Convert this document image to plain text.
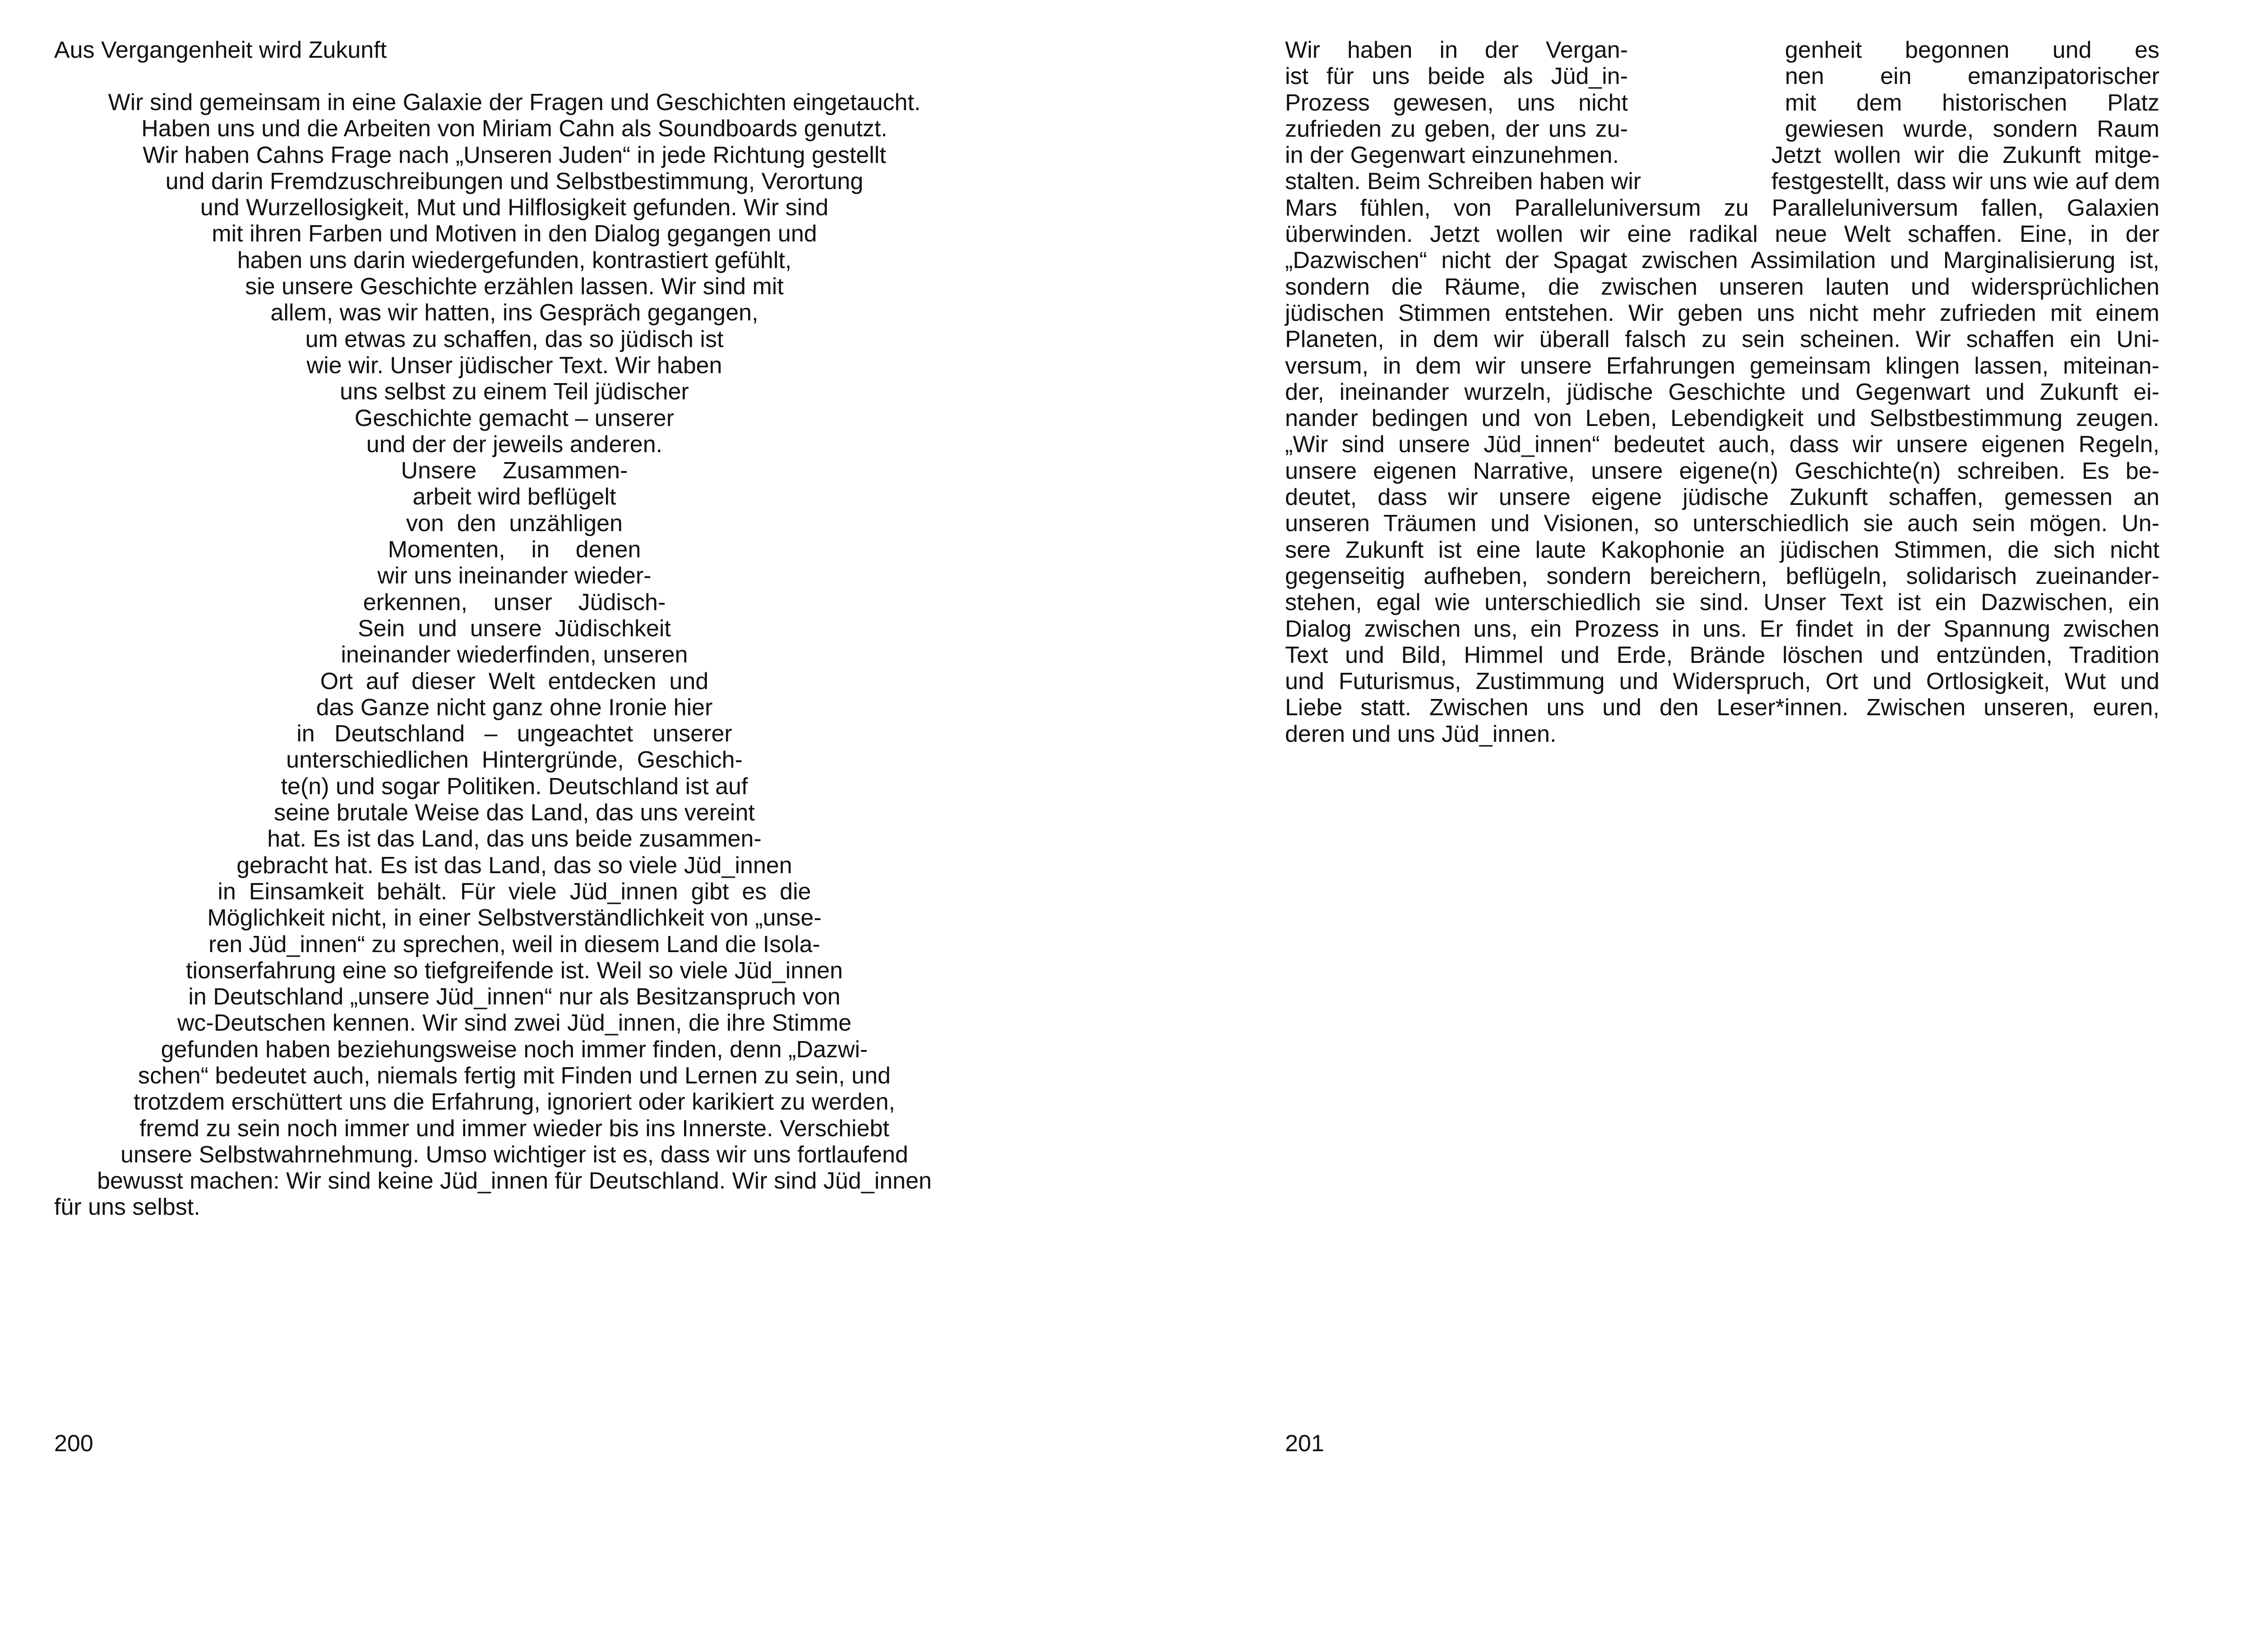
Aus Vergangenheit wird Zukunft
Wir sind gemeinsam in eine Galaxie der Fragen und Geschichten eingetaucht.
Haben uns und die Arbeiten von Miriam Cahn als Soundboards genutzt.
Wir haben Cahns Frage nach „Unseren Juden“ in jede Richtung gestellt
und darin Fremdzuschreibungen und Selbstbestimmung, Verortung
und Wurzellosigkeit, Mut und Hilflosigkeit gefunden. Wir sind
mit ihren Farben und Motiven in den Dialog gegangen und
haben uns darin wiedergefunden, kontrastiert gefühlt,
sie unsere Geschichte erzählen lassen. Wir sind mit
allem, was wir hatten, ins Gespräch gegangen,
um etwas zu schaffen, das so jüdisch ist
wie wir. Unser jüdischer Text. Wir haben
uns selbst zu einem Teil jüdischer
Geschichte gemacht – unserer
und der der jeweils anderen.
Unsere    Zusammen-
arbeit wird beflügelt
von  den  unzähligen
Momenten,    in    denen
wir uns ineinander wieder-
erkennen,    unser    Jüdisch-
Sein  und  unsere  Jüdischkeit
ineinander wiederfinden, unseren
Ort  auf  dieser  Welt  entdecken  und
das Ganze nicht ganz ohne Ironie hier
in   Deutschland   –   ungeachtet   unserer
unterschiedlichen  Hintergründe,  Geschich-
te(n) und sogar Politiken. Deutschland ist auf
seine brutale Weise das Land, das uns vereint
hat. Es ist das Land, das uns beide zusammen-
gebracht hat. Es ist das Land, das so viele Jüd_innen
in  Einsamkeit  behält.  Für  viele  Jüd_innen  gibt  es  die
Möglichkeit nicht, in einer Selbstverständlichkeit von „unse-
ren Jüd_innen“ zu sprechen, weil in diesem Land die Isola-
tionserfahrung eine so tiefgreifende ist. Weil so viele Jüd_innen
in Deutschland „unsere Jüd_innen“ nur als Besitzanspruch von
wc-Deutschen kennen. Wir sind zwei Jüd_innen, die ihre Stimme
gefunden haben beziehungsweise noch immer finden, denn „Dazwi-
schen“ bedeutet auch, niemals fertig mit Finden und Lernen zu sein, und
trotzdem erschüttert uns die Erfahrung, ignoriert oder karikiert zu werden,
fremd zu sein noch immer und immer wieder bis ins Innerste. Verschiebt
unsere Selbstwahrnehmung. Umso wichtiger ist es, dass wir uns fortlaufend
bewusst machen: Wir sind keine Jüd_innen für Deutschland. Wir sind Jüd_innen
für uns selbst.
200
Wir haben in der Vergan-	genheit begonnen und es
ist für uns beide als Jüd_in-	nen ein emanzipatorischer
Prozess gewesen, uns nicht	mit dem historischen Platz
zufrieden zu geben, der uns zu-	gewiesen wurde, sondern Raum
in der Gegenwart einzunehmen.	Jetzt wollen wir die Zukunft mitge-
stalten. Beim Schreiben haben wir	festgestellt, dass wir uns wie auf dem
Mars fühlen, von Paralleluniversum zu Paralleluniversum fallen, Galaxien
überwinden. Jetzt wollen wir eine radikal neue Welt schaffen. Eine, in der
„Dazwischen“ nicht der Spagat zwischen Assimilation und Marginalisierung ist,
sondern die Räume, die zwischen unseren lauten und widersprüchlichen
jüdischen Stimmen entstehen. Wir geben uns nicht mehr zufrieden mit einem
Planeten, in dem wir überall falsch zu sein scheinen. Wir schaffen ein Uni-
versum, in dem wir unsere Erfahrungen gemeinsam klingen lassen, miteinan-
der, ineinander wurzeln, jüdische Geschichte und Gegenwart und Zukunft ei-
nander bedingen und von Leben, Lebendigkeit und Selbstbestimmung zeugen.
„Wir sind unsere Jüd_innen“ bedeutet auch, dass wir unsere eigenen Regeln,
unsere eigenen Narrative, unsere eigene(n) Geschichte(n) schreiben. Es be-
deutet, dass wir unsere eigene jüdische Zukunft schaffen, gemessen an
unseren Träumen und Visionen, so unterschiedlich sie auch sein mögen. Un-
sere Zukunft ist eine laute Kakophonie an jüdischen Stimmen, die sich nicht
gegenseitig aufheben, sondern bereichern, beflügeln, solidarisch zueinander-
stehen, egal wie unterschiedlich sie sind. Unser Text ist ein Dazwischen, ein
Dialog zwischen uns, ein Prozess in uns. Er findet in der Spannung zwischen
Text und Bild, Himmel und Erde, Brände löschen und entzünden, Tradition
und Futurismus, Zustimmung und Widerspruch, Ort und Ortlosigkeit, Wut und
Liebe statt. Zwischen uns und den Leser*innen. Zwischen unseren, euren,
deren und uns Jüd_innen.
201
